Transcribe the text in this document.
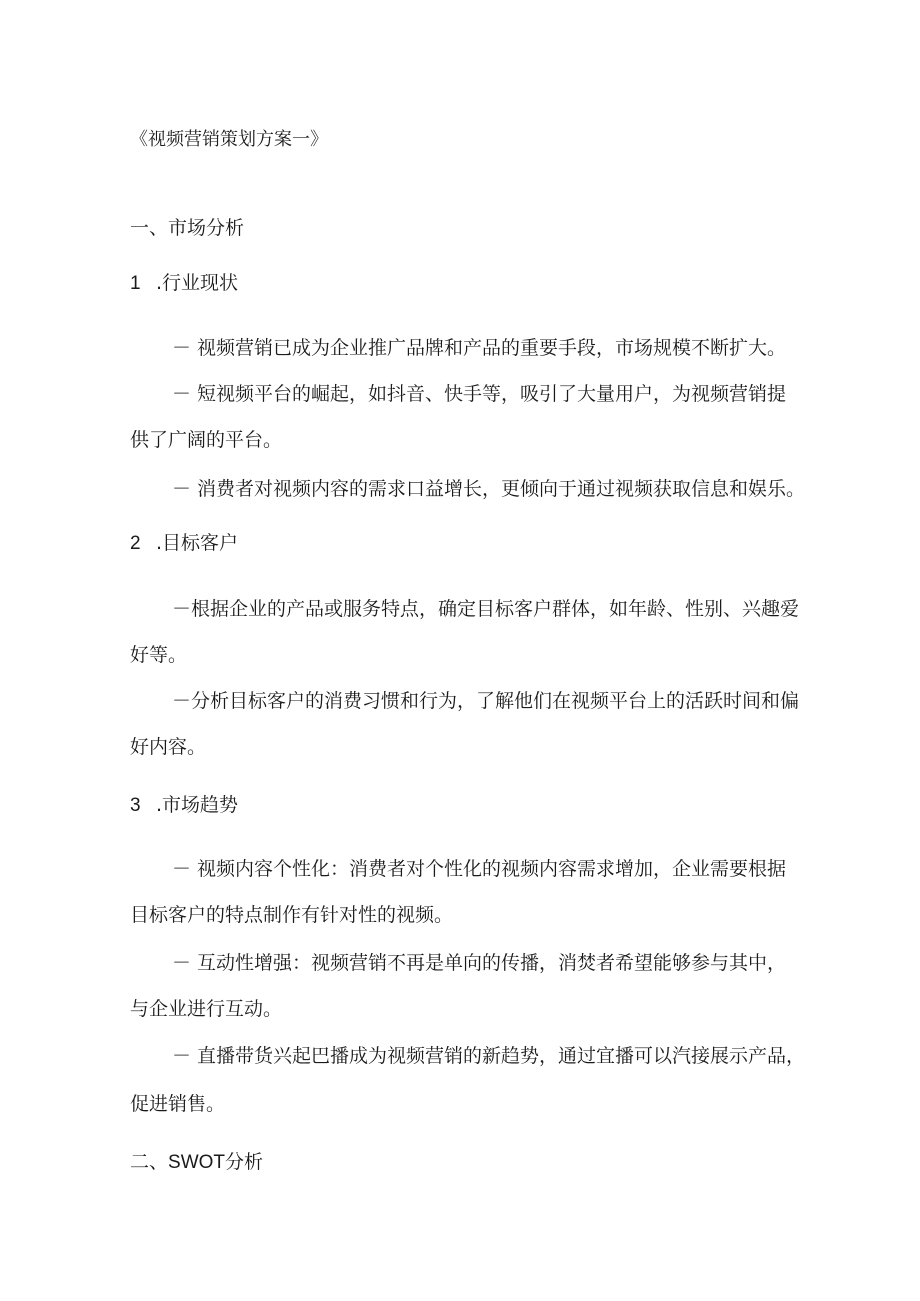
《视频营销策划方案一》
一、市场分析
1 .行业现状
－ 视频营销已成为企业推广品牌和产品的重要手段，市场规模不断扩大。
－ 短视频平台的崛起，如抖音、快手等，吸引了大量用户，为视频营销提
供了广阔的平台。
－ 消费者对视频内容的需求口益增长，更倾向于通过视频获取信息和娱乐。
2 .目标客户
－根据企业的产品或服务特点，确定目标客户群体，如年龄、性别、兴趣爱
好等。
－分析目标客户的消费习惯和行为，了解他们在视频平台上的活跃时间和偏
好内容。
3 .市场趋势
－ 视频内容个性化：消费者对个性化的视频内容需求增加，企业需要根据
目标客户的特点制作有针对性的视频。
－ 互动性增强：视频营销不再是单向的传播，消焚者希望能够参与其中，
与企业进行互动。
－ 直播带货兴起巴播成为视频营销的新趋势，通过宜播可以汽接展示产品，
促进销售。
二、SWOT分析
